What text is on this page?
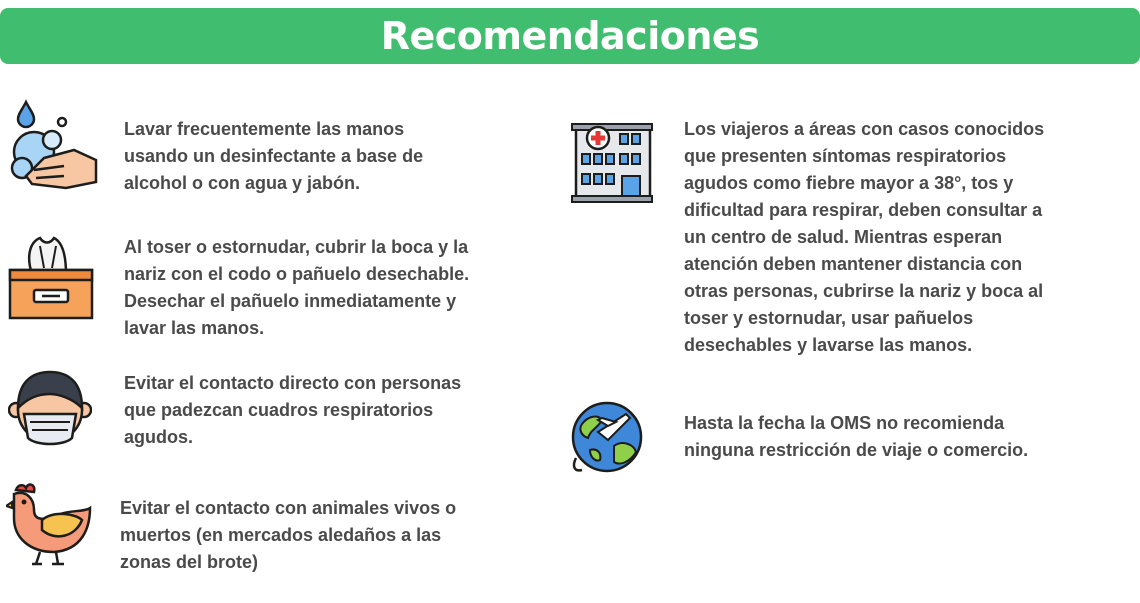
Recomendaciones
Lavar frecuentemente las manos usando un desinfectante a base de alcohol o con agua y jabón.
Al toser o estornudar, cubrir la boca y la nariz con el codo o pañuelo desechable. Desechar el pañuelo inmediatamente y lavar las manos.
Evitar el contacto directo con personas que padezcan cuadros respiratorios agudos.
Evitar el contacto con animales vivos o muertos (en mercados aledaños a las zonas del brote)
Los viajeros a áreas con casos conocidos que presenten síntomas respiratorios agudos como fiebre mayor a 38°, tos y dificultad para respirar, deben consultar a un centro de salud. Mientras esperan atención deben mantener distancia con otras personas, cubrirse la nariz y boca al toser y estornudar, usar pañuelos desechables y lavarse las manos.
Hasta la fecha la OMS no recomienda ninguna restricción de viaje o comercio.
